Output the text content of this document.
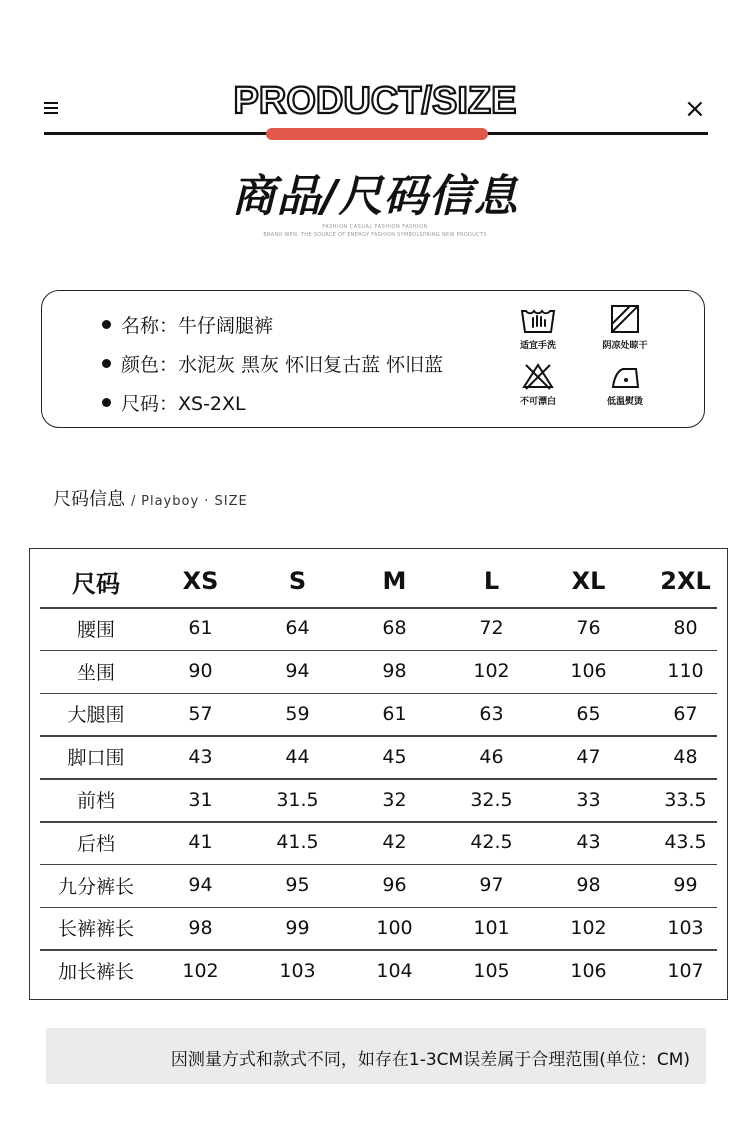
×
PRODUCT/SIZE
商品/尺码信息
FASHION CASUAL FASHION FASHION
BRAND WEN, THE SOURCE OF ENERGY FASHION SYMBOLSPRING NEW PRODUCTS
名称：牛仔阔腿裤
颜色：水泥灰 黑灰 怀旧复古蓝 怀旧蓝
尺码：XS-2XL
适宜手洗	阴凉处晾干
不可漂白	低温熨烫
尺码信息 / Playboy · SIZE
尺码	XS	S	M	L	XL	2XL
腰围	61	64	68	72	76	80
坐围	90	94	98	102	106	110
大腿围	57	59	61	63	65	67
脚口围	43	44	45	46	47	48
前档	31	31.5	32	32.5	33	33.5
后档	41	41.5	42	42.5	43	43.5
九分裤长	94	95	96	97	98	99
长裤裤长	98	99	100	101	102	103
加长裤长	102	103	104	105	106	107
因测量方式和款式不同，如存在1-3CM误差属于合理范围(单位：CM)
